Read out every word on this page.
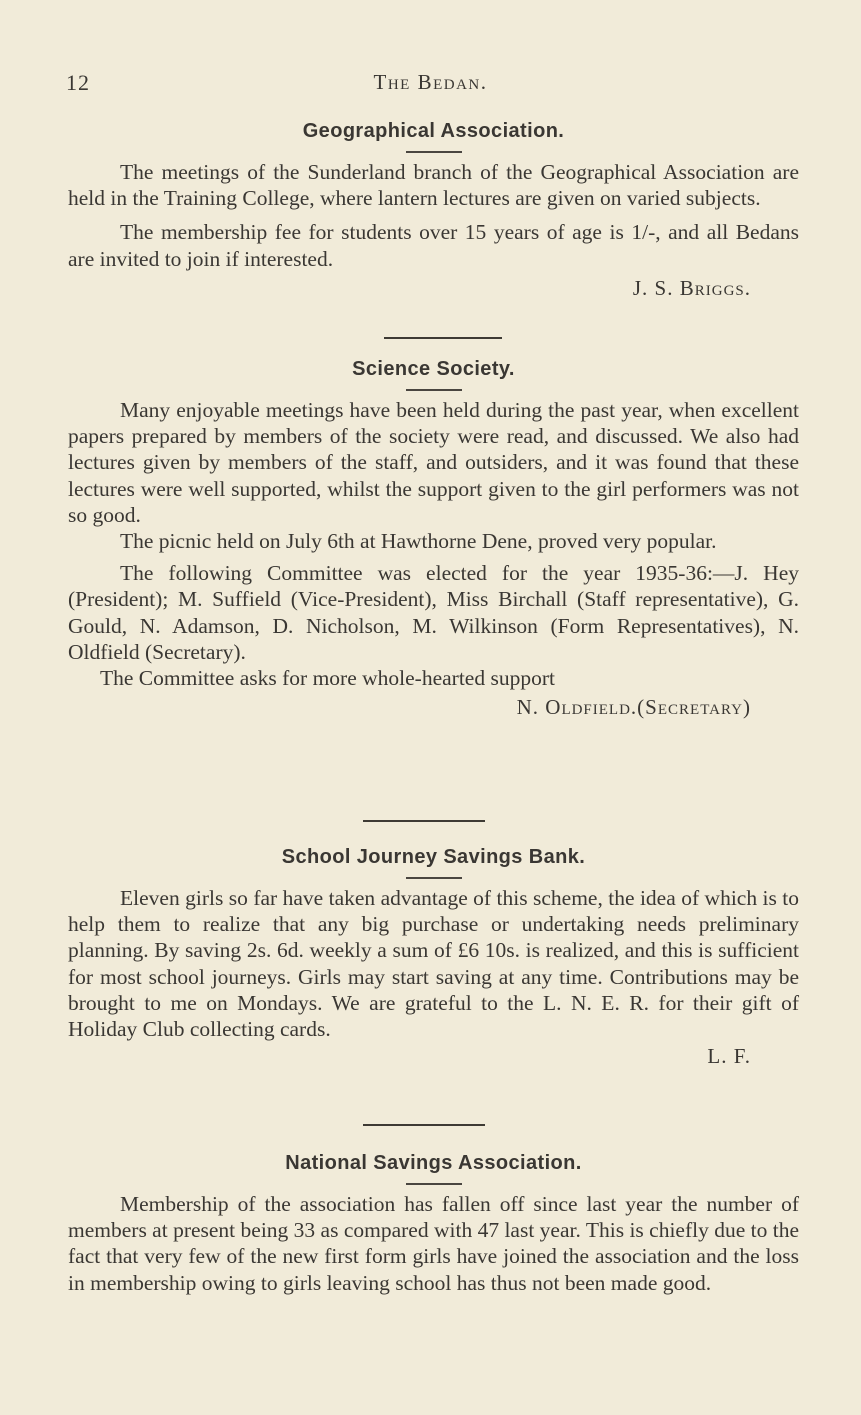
12	The Bedan.
Geographical Association.

The meetings of the Sunderland branch of the Geographical Association are held in the Training College, where lantern lectures are given on varied subjects.

The membership fee for students over 15 years of age is 1/-, and all Bedans are invited to join if interested.

J. S. Briggs.
Science Society.

Many enjoyable meetings have been held during the past year, when excellent papers prepared by members of the society were read, and discussed. We also had lectures given by members of the staff, and outsiders, and it was found that these lectures were well supported, whilst the support given to the girl performers was not so good.

The picnic held on July 6th at Hawthorne Dene, proved very popular.

The following Committee was elected for the year 1935-36:—J. Hey (President); M. Suffield (Vice-President), Miss Birchall (Staff representative), G. Gould, N. Adamson, D. Nicholson, M. Wilkinson (Form Representatives), N. Oldfield (Secretary).

The Committee asks for more whole-hearted support

N. Oldfield.(Secretary)
School Journey Savings Bank.

Eleven girls so far have taken advantage of this scheme, the idea of which is to help them to realize that any big purchase or undertaking needs preliminary planning. By saving 2s. 6d. weekly a sum of £6 10s. is realized, and this is sufficient for most school journeys. Girls may start saving at any time. Contributions may be brought to me on Mondays. We are grateful to the L. N. E. R. for their gift of Holiday Club collecting cards.

L. F.
National Savings Association.

Membership of the association has fallen off since last year the number of members at present being 33 as compared with 47 last year. This is chiefly due to the fact that very few of the new first form girls have joined the association and the loss in membership owing to girls leaving school has thus not been made good.
